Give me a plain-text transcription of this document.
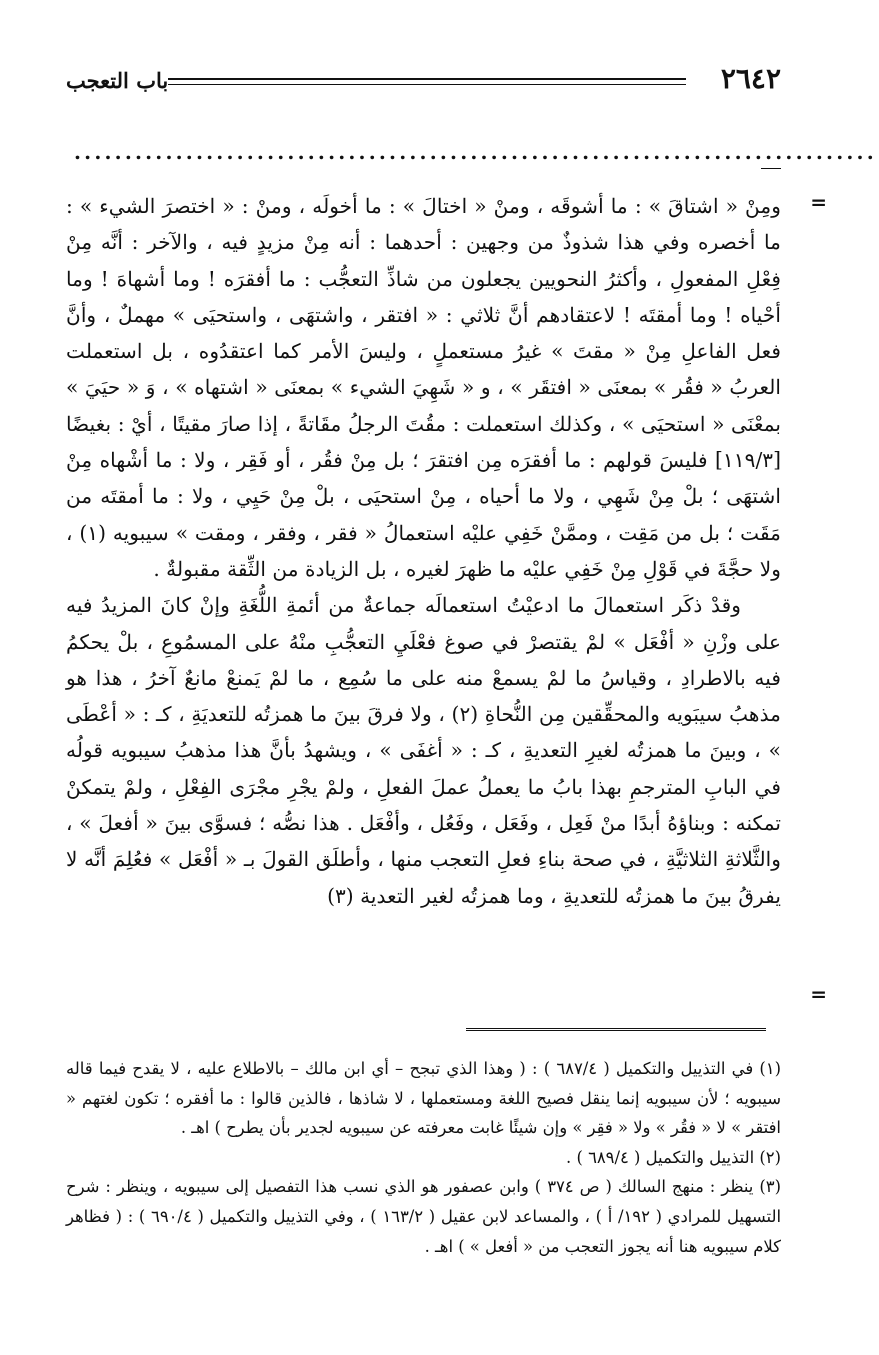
باب التعجب	٢٦٤٢
...............................................................................
=

ومِنْ « اشتاقَ » : ما أشوقَه ، ومنْ « اختالَ » : ما أخولَه ، ومنْ : « اختصرَ الشيء » : ما أخصره وفي هذا شذوذٌ من وجهين : أحدهما : أنه مِنْ مزيدٍ فيه ، والآخر : أنَّه مِنْ فِعْلِ المفعولِ ، وأكثرُ النحويين يجعلون من شاذِّ التعجُّب : ما أفقرَه ! وما أشهاهَ ! وما أحْياه ! وما أمقتَه ! لاعتقادهم أنَّ ثلاثي : « افتقر ، واشتهَى ، واستحيَى » مهملٌ ، وأنَّ فعل الفاعلِ مِنْ « مقتَ » غيرُ مستعملٍ ، وليسَ الأمر كما اعتقدُوه ، بل استعملت العربُ « فقُر » بمعنَى « افتقَر » ، و « شَهِيَ الشيء » بمعنَى « اشتهاه » ، وَ « حيَيَ » بمعْنَى « استحيَى » ، وكذلك استعملت : مقُتَ الرجلُ مقَاتةً ، إذا صارَ مقيتًا ، أيْ : بغيضًا [١١٩/٣] فليسَ قولهم : ما أفقرَه مِن افتقرَ ؛ بل مِنْ فقُر ، أو فَقِر ، ولا : ما أشْهاه مِنْ اشتهَى ؛ بلْ مِنْ شَهِي ، ولا ما أحياه ، مِنْ استحيَى ، بلْ مِنْ حَيِي ، ولا : ما أمقتَه من مَقَت ؛ بل من مَقِت ، وممَّنْ خَفِي عليْه استعمالُ « فقر ، وفقر ، ومقت » سيبويه (١) ، ولا حجَّةَ في قَوْلِ مِنْ خَفِي عليْه ما ظهرَ لغيره ، بل الزيادة من الثِّقة مقبولةٌ .

وقدْ ذكَر استعمالَ ما ادعيْتُ استعمالَه جماعةٌ من أئمةِ اللُّغَةِ وإنْ كانَ المزيدُ فيه على وزْنِ « أفْعَل » لمْ يقتصرْ في صوغ فعْلَيِ التعجُّبِ منْهُ على المسمُوعِ ، بلْ يحكمُ فيه بالاطرادِ ، وقياسُ ما لمْ يسمعْ منه على ما سُمِع ، ما لمْ يَمنعْ مانعٌ آخرُ ، هذا هو مذهبُ سيبَويه والمحقِّقين مِن النُّحاةِ (٢) ، ولا فرقَ بينَ ما همزتُه للتعديَةِ ، كـ : « أعْطَى » ، وبينَ ما همزتُه لغيرِ التعديةِ ، كـ : « أغفَى » ، ويشهدُ بأنَّ هذا مذهبُ سيبويه قولُه في البابِ المترجمِ بهذا بابُ ما يعملُ عملَ الفعلِ ، ولمْ يجْرِ مجْرَى الفِعْلِ ، ولمْ يتمكنْ تمكنه : وبناؤهُ أبدًا منْ فَعِل ، وفَعَل ، وفَعُل ، وأفْعَل . هذا نصُّه ؛ فسوَّى بينَ « أفعلَ » ، والثَّلاثةِ الثلاثيَّةِ ، في صحة بناءِ فعلِ التعجب منها ، وأطلَق القولَ بـ « أفْعَل » فعُلِمَ أنَّه لا يفرقُ بينَ ما همزتُه للتعديةِ ، وما همزتُه لغير التعدية (٣)

=

(١) في التذييل والتكميل ( ٦٨٧/٤ ) : ( وهذا الذي تبجح – أي ابن مالك – بالاطلاع عليه ، لا يقدح فيما قاله سيبويه ؛ لأن سيبويه إنما ينقل فصيح اللغة ومستعملها ، لا شاذها ، فالذين قالوا : ما أفقره ؛ تكون لغتهم « افتقر » لا « فقُر » ولا « فقِر » وإن شيئًا غابت معرفته عن سيبويه لجدير بأن يطرح ) اهـ .

(٢) التذييل والتكميل ( ٦٨٩/٤ ) .

(٣) ينظر : منهج السالك ( ص ٣٧٤ ) وابن عصفور هو الذي نسب هذا التفصيل إلى سيبويه ، وينظر : شرح التسهيل للمرادي ( ١٩٢/ أ ) ، والمساعد لابن عقيل ( ١٦٣/٢ ) ، وفي التذييل والتكميل ( ٦٩٠/٤ ) : ( فظاهر كلام سيبويه هنا أنه يجوز التعجب من « أفعل » ) اهـ .
